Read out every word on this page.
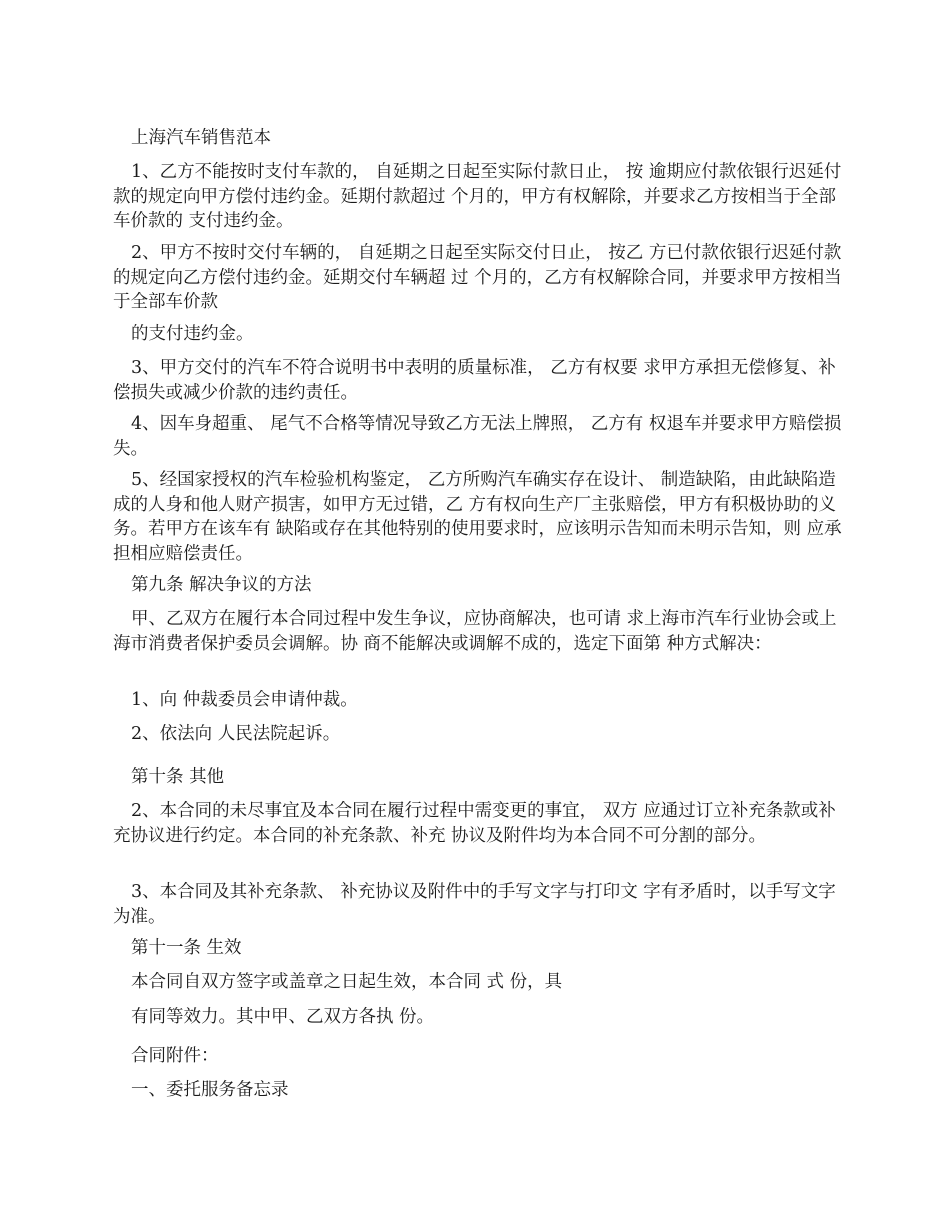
上海汽车销售范本

1、乙方不能按时支付车款的， 自延期之日起至实际付款日止， 按 逾期应付款依银行迟延付款的规定向甲方偿付违约金。延期付款超过 个月的，甲方有权解除，并要求乙方按相当于全部车价款的 支付违约金。

2、甲方不按时交付车辆的， 自延期之日起至实际交付日止， 按乙 方已付款依银行迟延付款的规定向乙方偿付违约金。延期交付车辆超 过 个月的，乙方有权解除合同，并要求甲方按相当于全部车价款

的支付违约金。

3、甲方交付的汽车不符合说明书中表明的质量标准， 乙方有权要 求甲方承担无偿修复、补偿损失或减少价款的违约责任。

4、因车身超重、 尾气不合格等情况导致乙方无法上牌照， 乙方有 权退车并要求甲方赔偿损失。

5、经国家授权的汽车检验机构鉴定， 乙方所购汽车确实存在设计、 制造缺陷，由此缺陷造成的人身和他人财产损害，如甲方无过错，乙 方有权向生产厂主张赔偿，甲方有积极协助的义务。若甲方在该车有 缺陷或存在其他特别的使用要求时，应该明示告知而未明示告知，则 应承担相应赔偿责任。

第九条 解决争议的方法

甲、乙双方在履行本合同过程中发生争议，应协商解决，也可请 求上海市汽车行业协会或上海市消费者保护委员会调解。协 商不能解决或调解不成的，选定下面第 种方式解决：

1、向 仲裁委员会申请仲裁。

2、依法向 人民法院起诉。

第十条 其他

2、本合同的未尽事宜及本合同在履行过程中需变更的事宜， 双方 应通过订立补充条款或补充协议进行约定。本合同的补充条款、补充 协议及附件均为本合同不可分割的部分。

3、本合同及其补充条款、 补充协议及附件中的手写文字与打印文 字有矛盾时，以手写文字为准。

第十一条 生效

本合同自双方签字或盖章之日起生效，本合同 式 份，具

有同等效力。其中甲、乙双方各执 份。

合同附件：

一、委托服务备忘录
